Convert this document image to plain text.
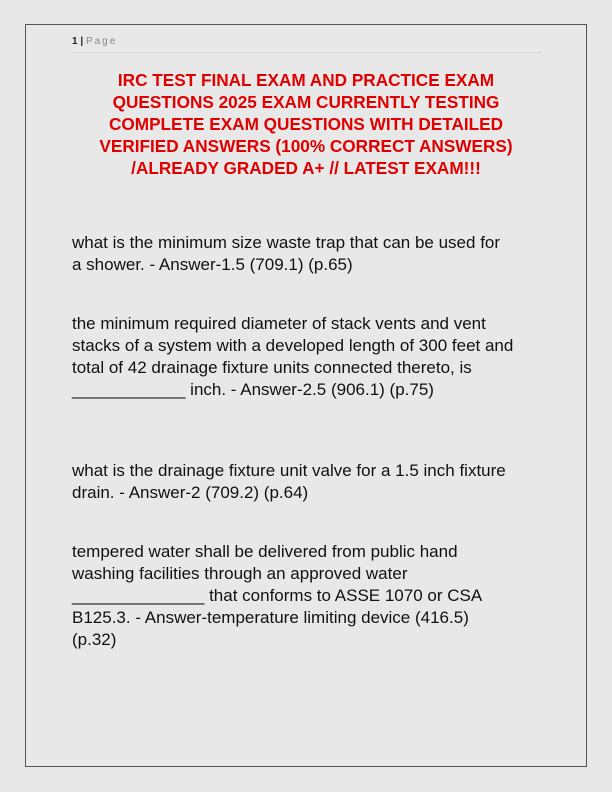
1 | Page
IRC TEST FINAL EXAM AND PRACTICE EXAM
QUESTIONS 2025 EXAM CURRENTLY TESTING
COMPLETE EXAM QUESTIONS WITH DETAILED
VERIFIED ANSWERS (100% CORRECT ANSWERS)
/ALREADY GRADED A+ // LATEST EXAM!!!
what is the minimum size waste trap that can be used for
a shower. - Answer-1.5 (709.1) (p.65)
the minimum required diameter of stack vents and vent
stacks of a system with a developed length of 300 feet and
total of 42 drainage fixture units connected thereto, is
____________ inch. - Answer-2.5 (906.1) (p.75)
what is the drainage fixture unit valve for a 1.5 inch fixture
drain. - Answer-2 (709.2) (p.64)
tempered water shall be delivered from public hand
washing facilities through an approved water
______________ that conforms to ASSE 1070 or CSA
B125.3. - Answer-temperature limiting device (416.5)
(p.32)
